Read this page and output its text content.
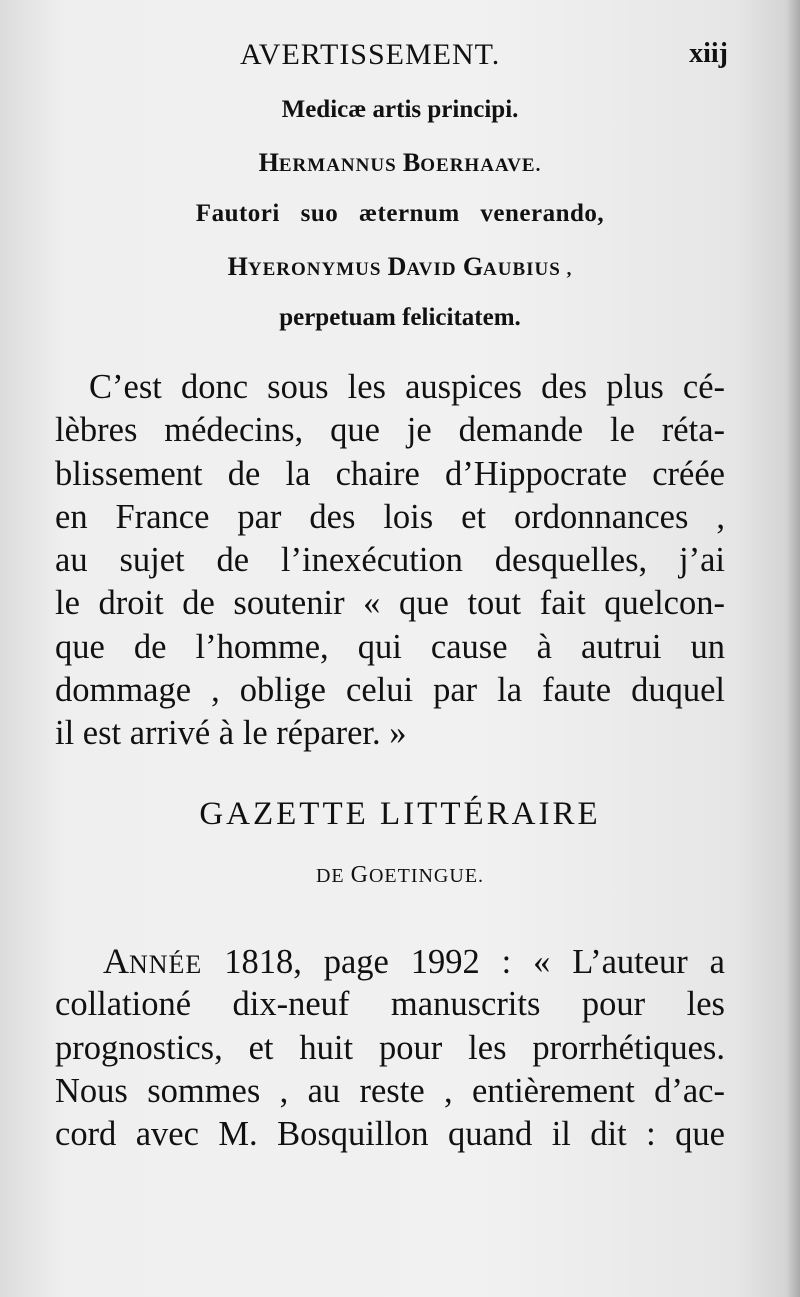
AVERTISSEMENT.	xiij
Medicæ artis principi.
HERMANNUS BOERHAAVE.
Fautori suo æternum venerando,
HYERONYMUS DAVID GAUBIUS ,
perpetuam felicitatem.
C’est donc sous les auspices des plus cé-
lèbres médecins, que je demande le réta-
blissement de la chaire d’Hippocrate créée
en France par des lois et ordonnances ,
au sujet de l’inexécution desquelles, j’ai
le droit de soutenir « que tout fait quelcon-
que de l’homme, qui cause à autrui un
dommage , oblige celui par la faute duquel
il est arrivé à le réparer. »
GAZETTE LITTÉRAIRE
DE GOETINGUE.
ANNÉE 1818, page 1992 : « L’auteur a
collationé dix-neuf manuscrits pour les
prognostics, et huit pour les prorrhétiques.
Nous sommes , au reste , entièrement d’ac-
cord avec M. Bosquillon quand il dit : que
